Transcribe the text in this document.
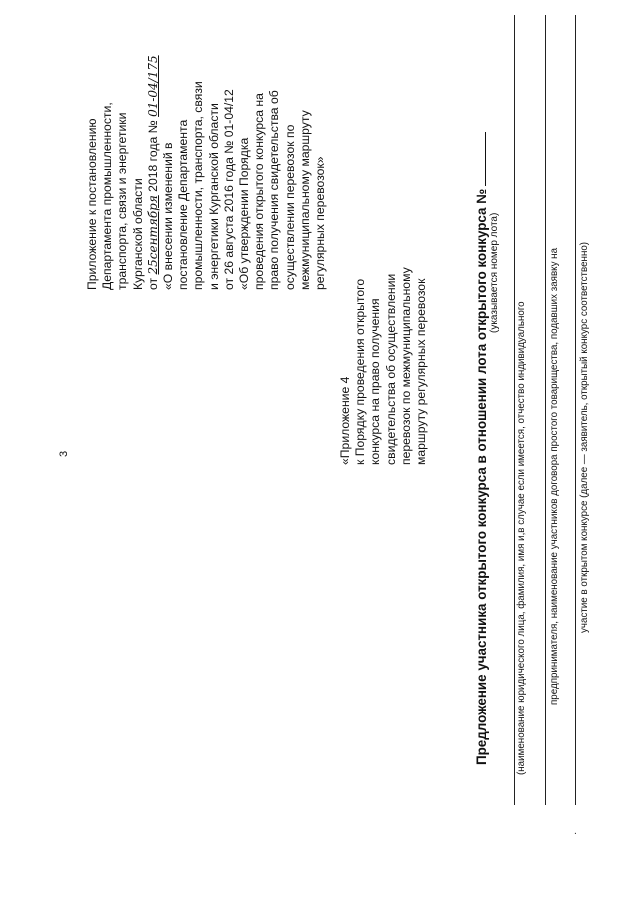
3
Приложение к постановлению Департамента промышленности, транспорта, связи и энергетики Курганской области от 25сентября 2018 года № 01-04/175
«О внесении изменений в постановление Департамента промышленности, транспорта, связи и энергетики Курганской области от 26 августа 2016 года № 01-04/12 «Об утверждении Порядка проведения открытого конкурса на право получения свидетельства об осуществлении перевозок по межмуниципальному маршруту регулярных перевозок»
«Приложение 4 к Порядку проведения открытого конкурса на право получения свидетельства об осуществлении перевозок по межмуниципальному маршруту регулярных перевозок	Предложение участника открытого конкурса в отношении лота открытого конкурса № (указывается номер лота)
(наименование юридического лица, фамилия, имя и,в случае если имеется, отчество индивидуального предпринимателя, наименование участников договора простого товарищества, подавших заявку на участие в открытом конкурсе (далее — заявитель, открытый конкурс соответственно)
·
